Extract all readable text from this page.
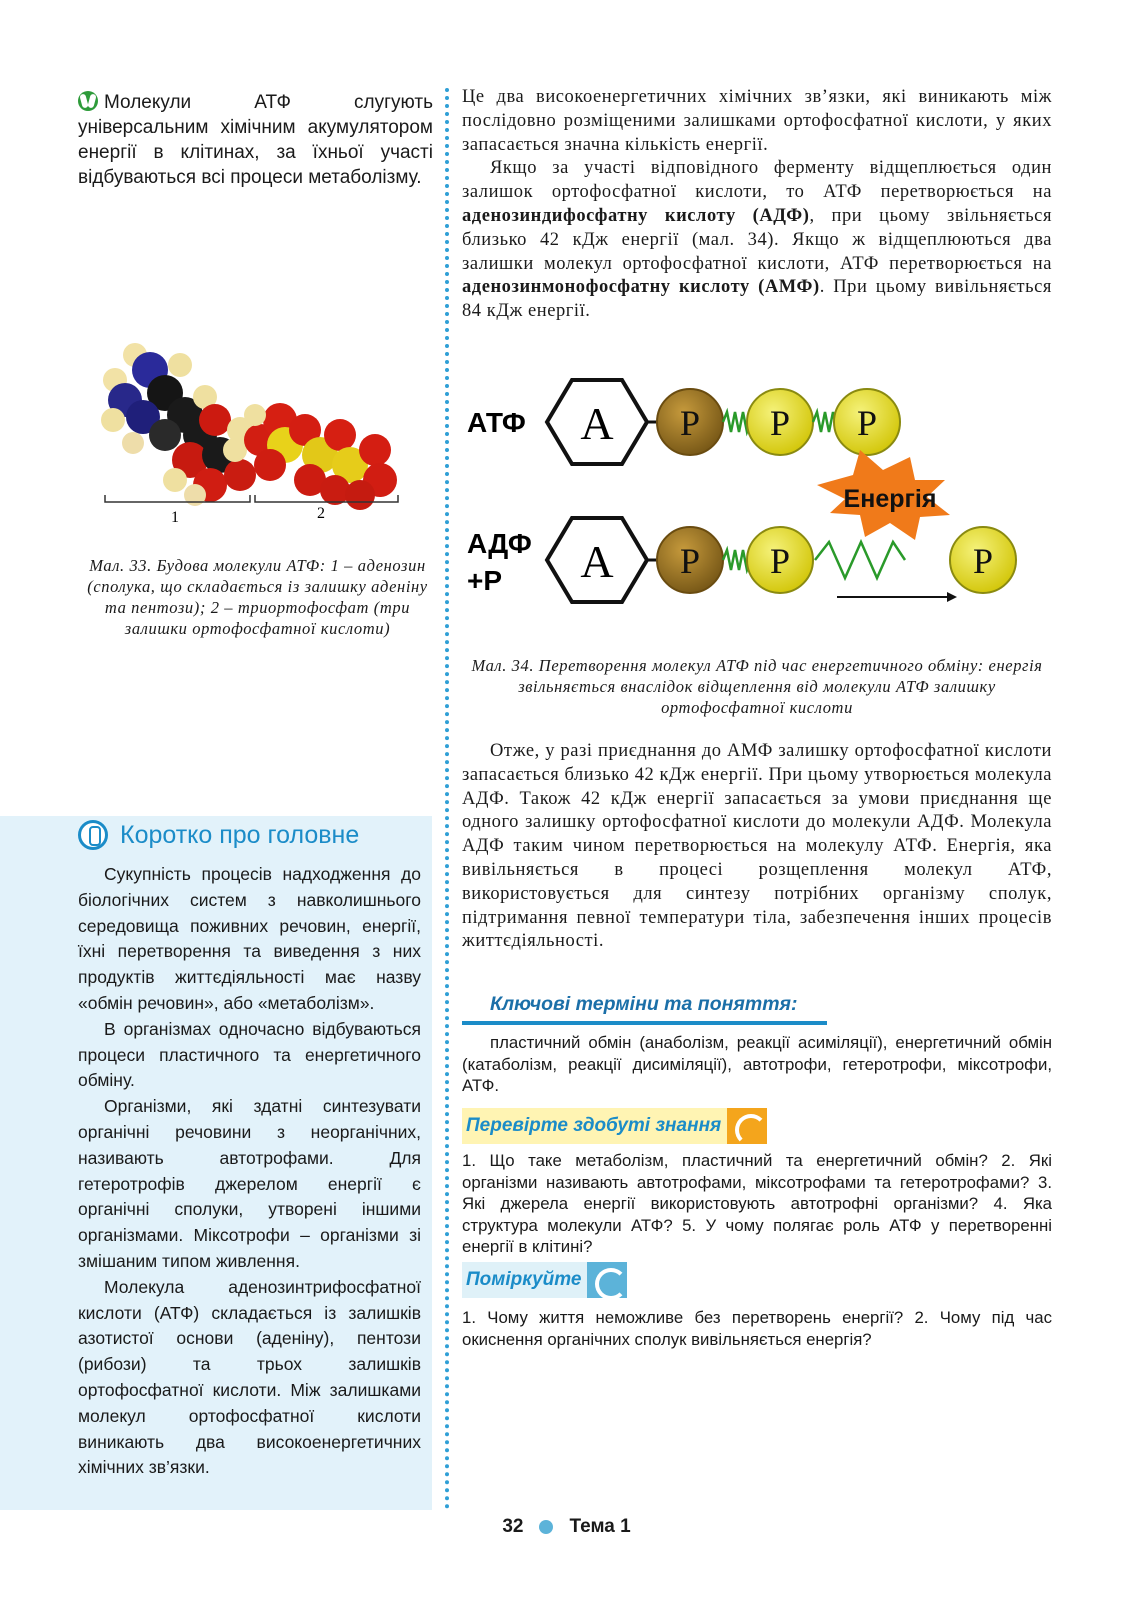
Молекули АТФ слугують універсальним хімічним акумулятором енергії в клітинах, за їхньої участі відбуваються всі процеси метаболізму.
1	2
Мал. 33. Будова молекули АТФ: 1 – аденозин (сполука, що складається із залишку аденіну та пентози); 2 – триортофосфат (три залишки ортофосфатної кислоти)
Коротко про головне

Сукупність процесів надходження до біологічних систем з навколишнього середовища поживних речовин, енергії, їхні перетворення та виведення з них продуктів життєдіяльності має назву «обмін речовин», або «метаболізм».

В організмах одночасно відбуваються процеси пластичного та енергетичного обміну.

Організми, які здатні синтезувати органічні речовини з неорганічних, називають автотрофами. Для гетеротрофів джерелом енергії є органічні сполуки, утворені іншими організмами. Міксотрофи – організми зі змішаним типом живлення.

Молекула аденозинтрифосфатної кислоти (АТФ) складається із залишків азотистої основи (аденіну), пентози (рибози) та трьох залишків ортофосфатної кислоти. Між залишками молекул ортофосфатної кислоти виникають два високоенергетичних хімічних зв’язки.

Це два високоенергетичних хімічних зв’язки, які виникають між послідовно розміщеними залишками ортофосфатної кислоти, у яких запасається значна кількість енергії.

Якщо за участі відповідного ферменту відщеплюється один залишок ортофосфатної кислоти, то АТФ перетворюється на аденозиндифосфатну кислоту (АДФ), при цьому звільняється близько 42 кДж енергії (мал. 34). Якщо ж відщеплюються два залишки молекул ортофосфатної кислоти, АТФ перетворюється на аденозинмонофосфатну кислоту (АМФ). При цьому вивільняється 84 кДж енергії.

АТФ A P P P
Енергія
АДФ
+Р A P P	P
Мал. 34. Перетворення молекул АТФ під час енергетичного обміну: енергія звільняється внаслідок відщеплення від молекули АТФ залишку ортофосфатної кислоти

Отже, у разі приєднання до АМФ залишку ортофосфатної кислоти запасається близько 42 кДж енергії. При цьому утворюється молекула АДФ. Також 42 кДж енергії запасається за умови приєднання ще одного залишку ортофосфатної кислоти до молекули АДФ. Молекула АДФ таким чином перетворюється на молекулу АТФ. Енергія, яка вивільняється в процесі розщеплення молекул АТФ, використовується для синтезу потрібних організму сполук, підтримання певної температури тіла, забезпечення інших процесів життєдіяльності.

Ключові терміни та поняття:

пластичний обмін (анаболізм, реакції асиміляції), енергетичний обмін (катаболізм, реакції дисиміляції), автотрофи, гетеротрофи, міксотрофи, АТФ.

Перевірте здобуті знання
1. Що таке метаболізм, пластичний та енергетичний обмін? 2. Які організми називають автотрофами, міксотрофами та гетеротрофами? 3. Які джерела енергії використовують автотрофні організми? 4. Яка структура молекули АТФ? 5. У чому полягає роль АТФ у перетворенні енергії в клітині?
Поміркуйте
1. Чому життя неможливе без перетворень енергії? 2. Чому під час окиснення органічних сполук вивільняється енергія?
32 Тема 1
